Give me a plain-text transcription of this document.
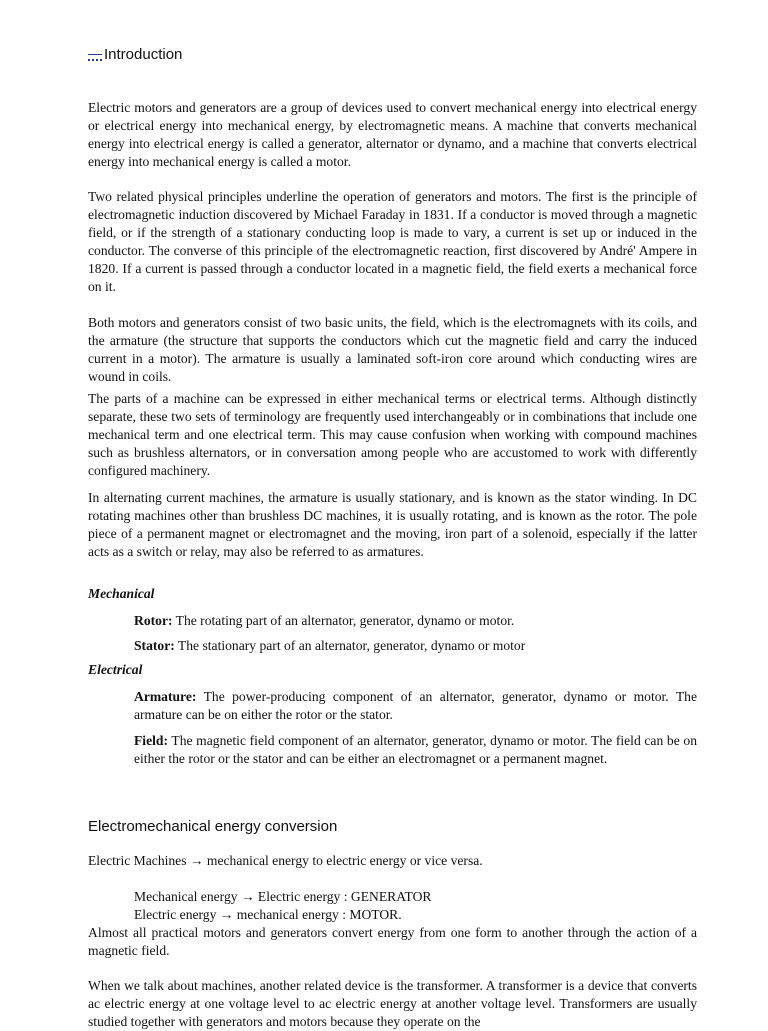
Introduction

Electric motors and generators are a group of devices used to convert mechanical energy into electrical energy or electrical energy into mechanical energy, by electromagnetic means. A machine that converts mechanical energy into electrical energy is called a generator, alternator or dynamo, and a machine that converts electrical energy into mechanical energy is called a motor.

Two related physical principles underline the operation of generators and motors. The first is the principle of electromagnetic induction discovered by Michael Faraday in 1831. If a conductor is moved through a magnetic field, or if the strength of a stationary conducting loop is made to vary, a current is set up or induced in the conductor. The converse of this principle of the electromagnetic reaction, first discovered by André' Ampere in 1820. If a current is passed through a conductor located in a magnetic field, the field exerts a mechanical force on it.

Both motors and generators consist of two basic units, the field, which is the electromagnets with its coils, and the armature (the structure that supports the conductors which cut the magnetic field and carry the induced current in a motor). The armature is usually a laminated soft-iron core around which conducting wires are wound in coils.

The parts of a machine can be expressed in either mechanical terms or electrical terms. Although distinctly separate, these two sets of terminology are frequently used interchangeably or in combinations that include one mechanical term and one electrical term. This may cause confusion when working with compound machines such as brushless alternators, or in conversation among people who are accustomed to work with differently configured machinery.

In alternating current machines, the armature is usually stationary, and is known as the stator winding. In DC rotating machines other than brushless DC machines, it is usually rotating, and is known as the rotor. The pole piece of a permanent magnet or electromagnet and the moving, iron part of a solenoid, especially if the latter acts as a switch or relay, may also be referred to as armatures.

Mechanical

Rotor: The rotating part of an alternator, generator, dynamo or motor.

Stator: The stationary part of an alternator, generator, dynamo or motor

Electrical

Armature: The power-producing component of an alternator, generator, dynamo or motor. The armature can be on either the rotor or the stator.

Field: The magnetic field component of an alternator, generator, dynamo or motor. The field can be on either the rotor or the stator and can be either an electromagnet or a permanent magnet.

Electromechanical energy conversion

Electric Machines → mechanical energy to electric energy or vice versa.

Mechanical energy → Electric energy : GENERATOR

Electric energy → mechanical energy : MOTOR.

Almost all practical motors and generators convert energy from one form to another through the action of a magnetic field.

When we talk about machines, another related device is the transformer. A transformer is a device that converts ac electric energy at one voltage level to ac electric energy at another voltage level. Transformers are usually studied together with generators and motors because they operate on the
